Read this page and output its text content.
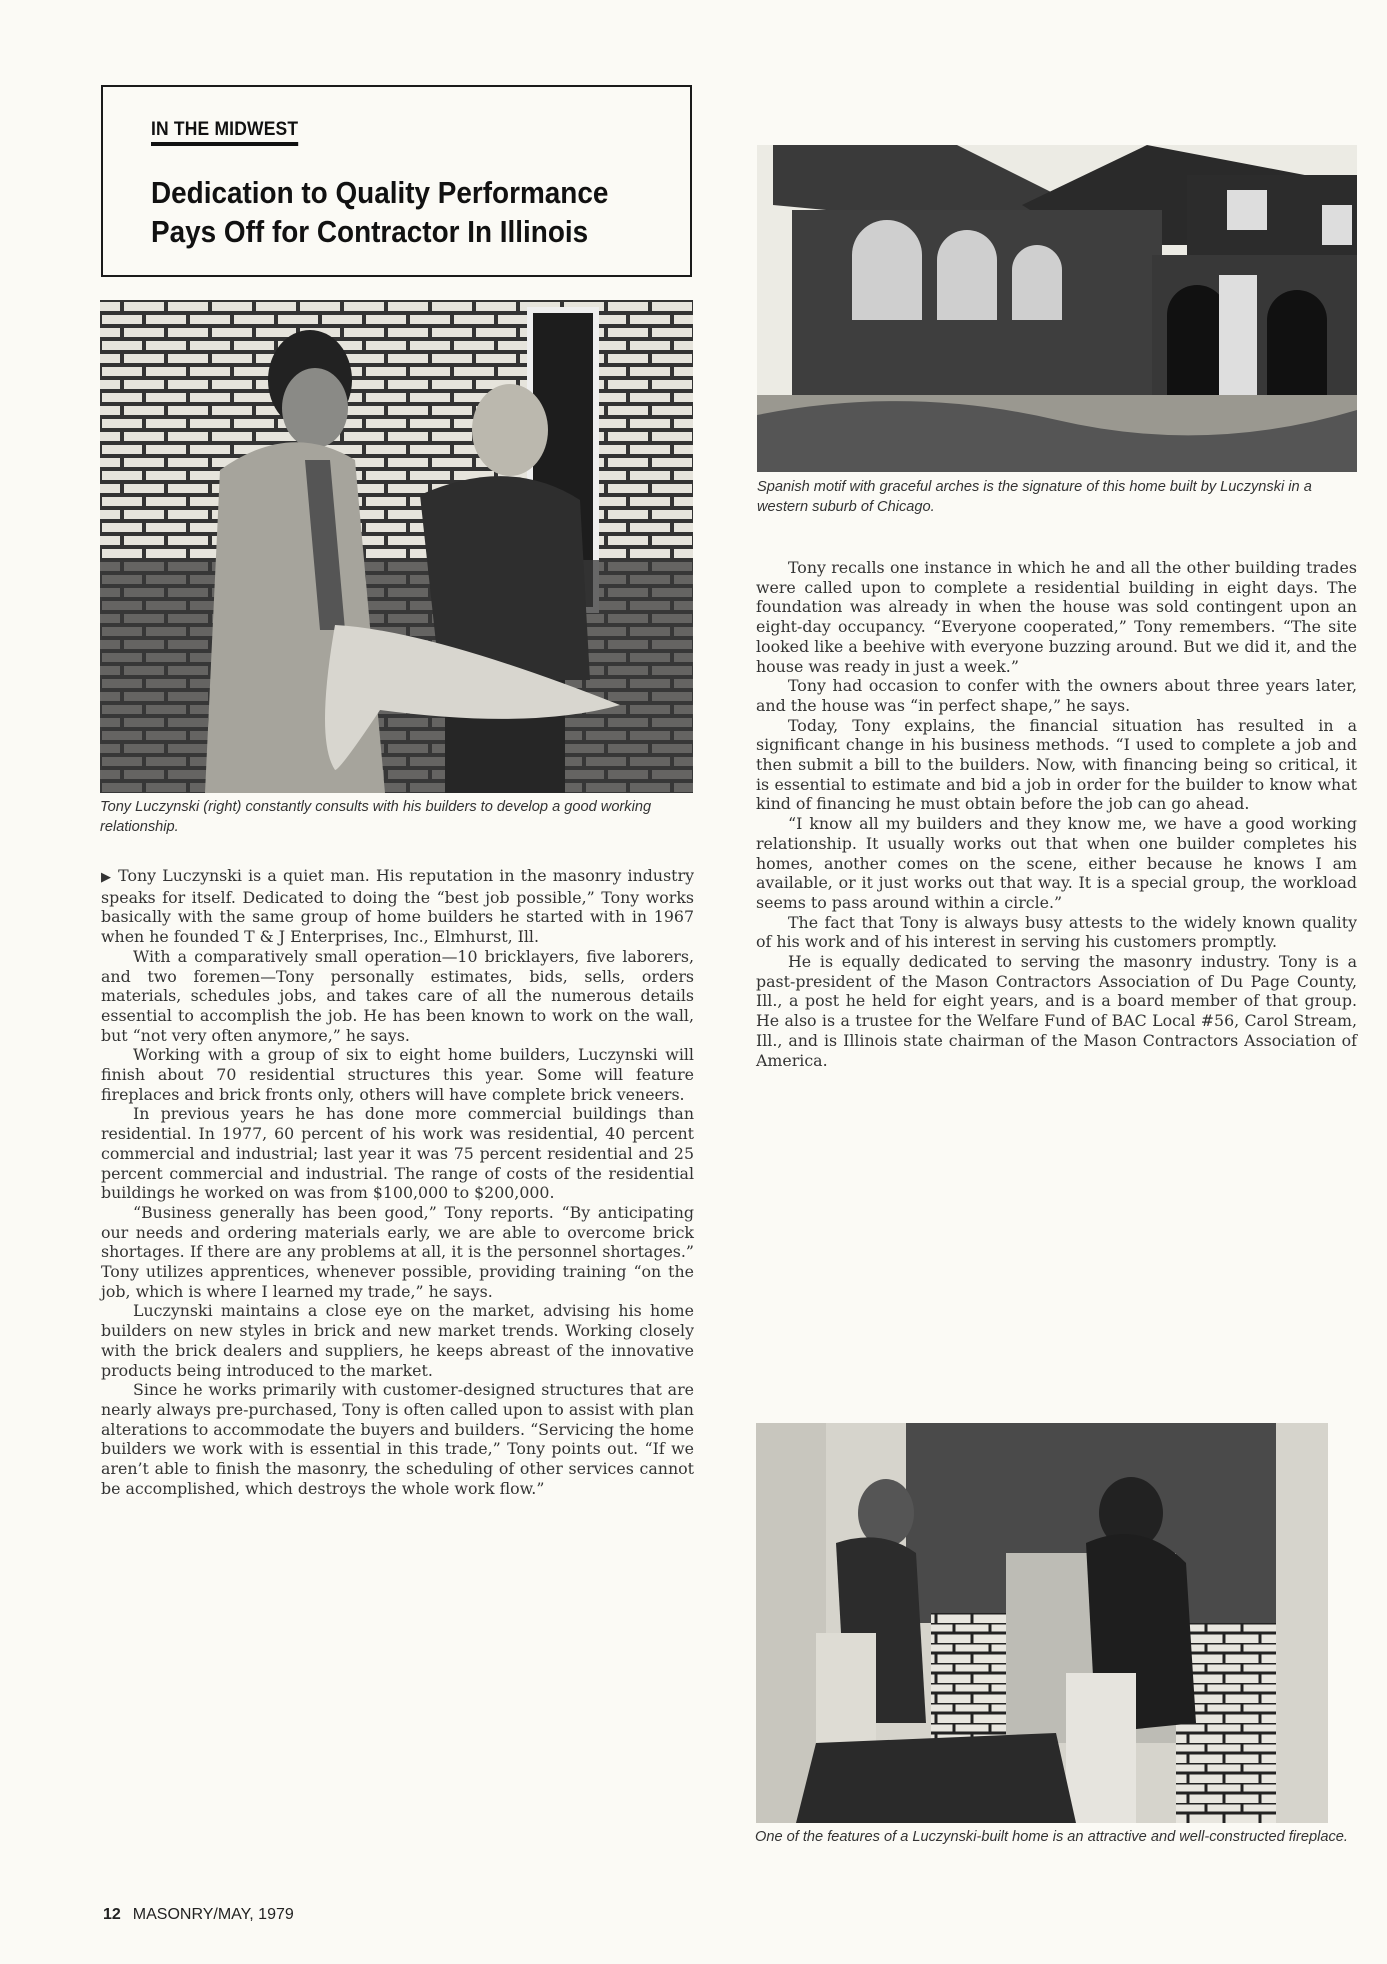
IN THE MIDWEST
Dedication to Quality Performance
Pays Off for Contractor In Illinois
Tony Luczynski (right) constantly consults with his builders to develop a good working relationship.

▶ Tony Luczynski is a quiet man. His reputation in the masonry industry speaks for itself. Dedicated to doing the “best job possible,” Tony works basically with the same group of home builders he started with in 1967 when he founded T & J Enterprises, Inc., Elmhurst, Ill.

With a comparatively small operation—10 bricklayers, five laborers, and two foremen—Tony personally estimates, bids, sells, orders materials, schedules jobs, and takes care of all the numerous details essential to accomplish the job. He has been known to work on the wall, but “not very often anymore,” he says.

Working with a group of six to eight home builders, Luczynski will finish about 70 residential structures this year. Some will feature fireplaces and brick fronts only, others will have complete brick veneers.

In previous years he has done more commercial buildings than residential. In 1977, 60 percent of his work was residential, 40 percent commercial and industrial; last year it was 75 percent residential and 25 percent commercial and industrial. The range of costs of the residential buildings he worked on was from $100,000 to $200,000.

“Business generally has been good,” Tony reports. “By anticipating our needs and ordering materials early, we are able to overcome brick shortages. If there are any problems at all, it is the personnel shortages.” Tony utilizes apprentices, whenever possible, providing training “on the job, which is where I learned my trade,” he says.

Luczynski maintains a close eye on the market, advising his home builders on new styles in brick and new market trends. Working closely with the brick dealers and suppliers, he keeps abreast of the innovative products being introduced to the market.

Since he works primarily with customer-designed structures that are nearly always pre-purchased, Tony is often called upon to assist with plan alterations to accommodate the buyers and builders. “Servicing the home builders we work with is essential in this trade,” Tony points out. “If we aren’t able to finish the masonry, the scheduling of other services cannot be accomplished, which destroys the whole work flow.”

Spanish motif with graceful arches is the signature of this home built by Luczynski in a western suburb of Chicago.

Tony recalls one instance in which he and all the other building trades were called upon to complete a residential building in eight days. The foundation was already in when the house was sold contingent upon an eight-day occupancy. “Everyone cooperated,” Tony remembers. “The site looked like a beehive with everyone buzzing around. But we did it, and the house was ready in just a week.”

Tony had occasion to confer with the owners about three years later, and the house was “in perfect shape,” he says.

Today, Tony explains, the financial situation has resulted in a significant change in his business methods. “I used to complete a job and then submit a bill to the builders. Now, with financing being so critical, it is essential to estimate and bid a job in order for the builder to know what kind of financing he must obtain before the job can go ahead.

“I know all my builders and they know me, we have a good working relationship. It usually works out that when one builder completes his homes, another comes on the scene, either because he knows I am available, or it just works out that way. It is a special group, the workload seems to pass around within a circle.”

The fact that Tony is always busy attests to the widely known quality of his work and of his interest in serving his customers promptly.

He is equally dedicated to serving the masonry industry. Tony is a past-president of the Mason Contractors Association of Du Page County, Ill., a post he held for eight years, and is a board member of that group. He also is a trustee for the Welfare Fund of BAC Local #56, Carol Stream, Ill., and is Illinois state chairman of the Mason Contractors Association of America.

One of the features of a Luczynski-built home is an attractive and well-constructed fireplace.
12 MASONRY/MAY, 1979
